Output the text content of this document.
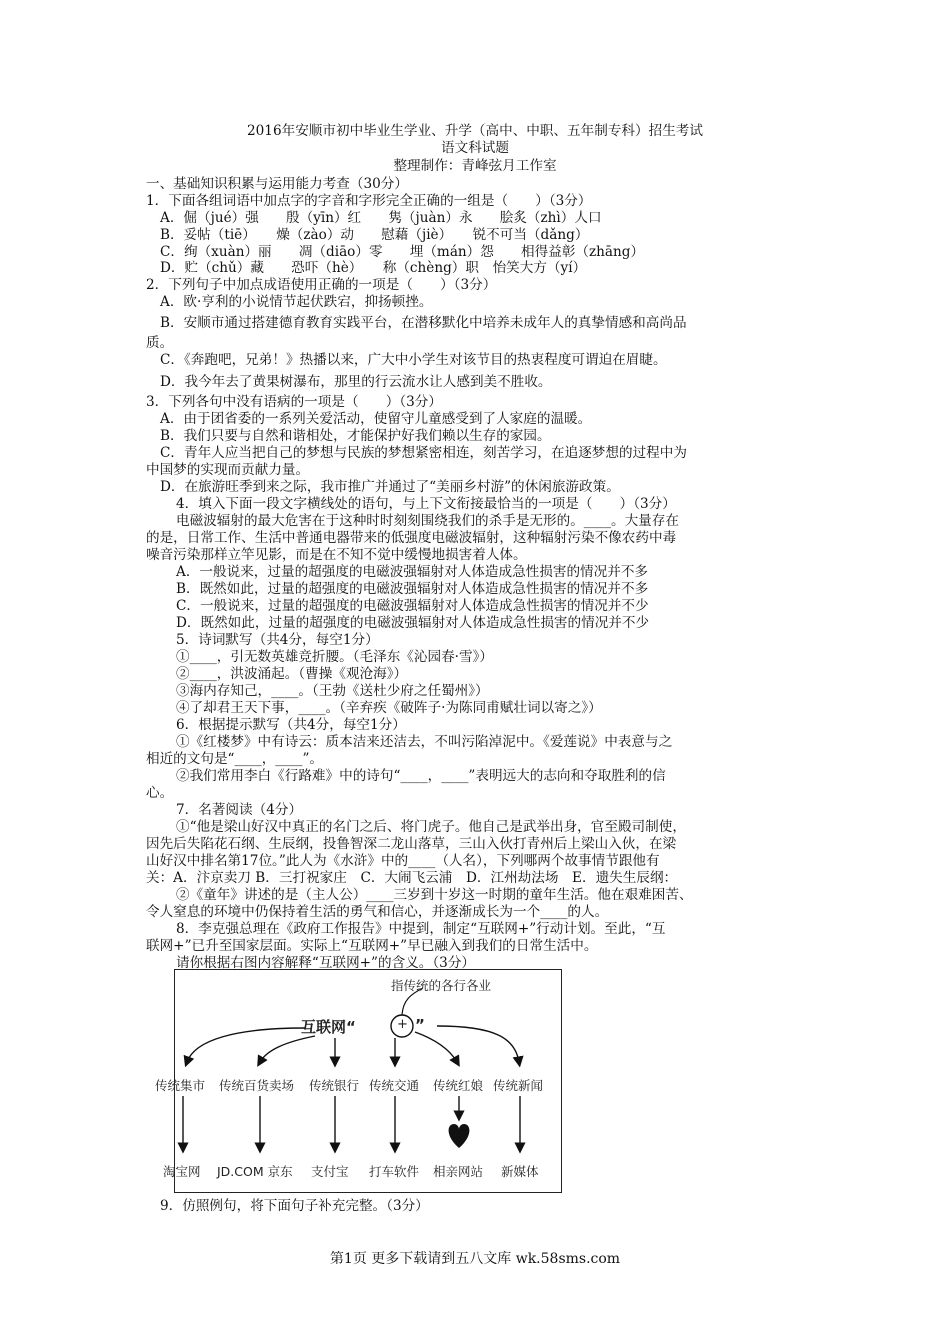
2016年安顺市初中毕业生学业、升学（高中、中职、五年制专科）招生考试
语文科试题
整理制作：青峰弦月工作室
一、基础知识积累与运用能力考查（30分）
1．下面各组词语中加点字的字音和字形完全正确的一组是（　　）（3分）
A．倔（jué）强　　殷（yīn）红　　隽（juàn）永　　脍炙（zhì）人口
B．妥帖（tiē）　　燥（zào）动　　慰藉（jiè）　　锐不可当（dǎng）
C．绚（xuàn）丽　　凋（diāo）零　　埋（mán）怨　　相得益彰（zhāng）
D．贮（chǔ）藏　　恐吓（hè）　　称（chèng）职　怡笑大方（yí）
2．下列句子中加点成语使用正确的一项是（　　）（3分）
A．欧·亨利的小说情节起伏跌宕，抑扬顿挫。
B．安顺市通过搭建德育教育实践平台，在潜移默化中培养未成年人的真挚情感和高尚品
质。
C．《奔跑吧，兄弟！》热播以来，广大中小学生对该节目的热衷程度可谓迫在眉睫。
D．我今年去了黄果树瀑布，那里的行云流水让人感到美不胜收。
3．下列各句中没有语病的一项是（　　）（3分）
A．由于团省委的一系列关爱活动，使留守儿童感受到了人家庭的温暖。
B．我们只要与自然和谐相处，才能保护好我们赖以生存的家园。
C．青年人应当把自己的梦想与民族的梦想紧密相连，刻苦学习，在追逐梦想的过程中为
中国梦的实现而贡献力量。
D．在旅游旺季到来之际，我市推广并通过了“美丽乡村游”的休闲旅游政策。
4．填入下面一段文字横线处的语句，与上下文衔接最恰当的一项是（　　）（3分）
电磁波辐射的最大危害在于这种时时刻刻围绕我们的杀手是无形的。____。大量存在
的是，日常工作、生活中普通电器带来的低强度电磁波辐射，这种辐射污染不像农药中毒
噪音污染那样立竿见影，而是在不知不觉中缓慢地损害着人体。
A．一般说来，过量的超强度的电磁波强辐射对人体造成急性损害的情况并不多
B．既然如此，过量的超强度的电磁波强辐射对人体造成急性损害的情况并不多
C．一般说来，过量的超强度的电磁波强辐射对人体造成急性损害的情况并不少
D．既然如此，过量的超强度的电磁波强辐射对人体造成急性损害的情况并不少
5．诗词默写（共4分，每空1分）
①____，引无数英雄竞折腰。（毛泽东《沁园春·雪》）
②____，洪波涌起。（曹操《观沧海》）
③海内存知己，____。（王勃《送杜少府之任蜀州》）
④了却君王天下事，____。（辛弃疾《破阵子·为陈同甫赋壮词以寄之》）
6．根据提示默写（共4分，每空1分）
①《红楼梦》中有诗云：质本洁来还洁去，不叫污陷淖泥中。《爱莲说》中表意与之
相近的文句是“____，____”。
②我们常用李白《行路难》中的诗句“____，____”表明远大的志向和夺取胜利的信
心。
7．名著阅读（4分）
①“他是梁山好汉中真正的名门之后、将门虎子。他自己是武举出身，官至殿司制使，
因先后失陷花石纲、生辰纲，投鲁智深二龙山落草，三山入伙打青州后上梁山入伙，在梁
山好汉中排名第17位。”此人为《水浒》中的____（人名），下列哪两个故事情节跟他有
关：A．汴京卖刀 B．三打祝家庄　C．大闹飞云浦　D．江州劫法场　E．遗失生辰纲：
②《童年》讲述的是（主人公）____三岁到十岁这一时期的童年生活。他在艰难困苦、
令人窒息的环境中仍保持着生活的勇气和信心，并逐渐成长为一个____的人。
8．李克强总理在《政府工作报告》中提到，制定“互联网+”行动计划。至此，“互
联网+”已升至国家层面。实际上“互联网+”早已融入到我们的日常生活中。
请你根据右图内容解释“互联网+”的含义。（3分）
指传统的各行各业
互联网“	+ ”
传统集市 传统百货卖场 传统银行 传统交通 传统红娘 传统新闻
淘宝网 JD.COM 京东 支付宝 打车软件 相亲网站 新媒体
9．仿照例句，将下面句子补充完整。（3分）
第1页 更多下载请到五八文库 wk.58sms.com
